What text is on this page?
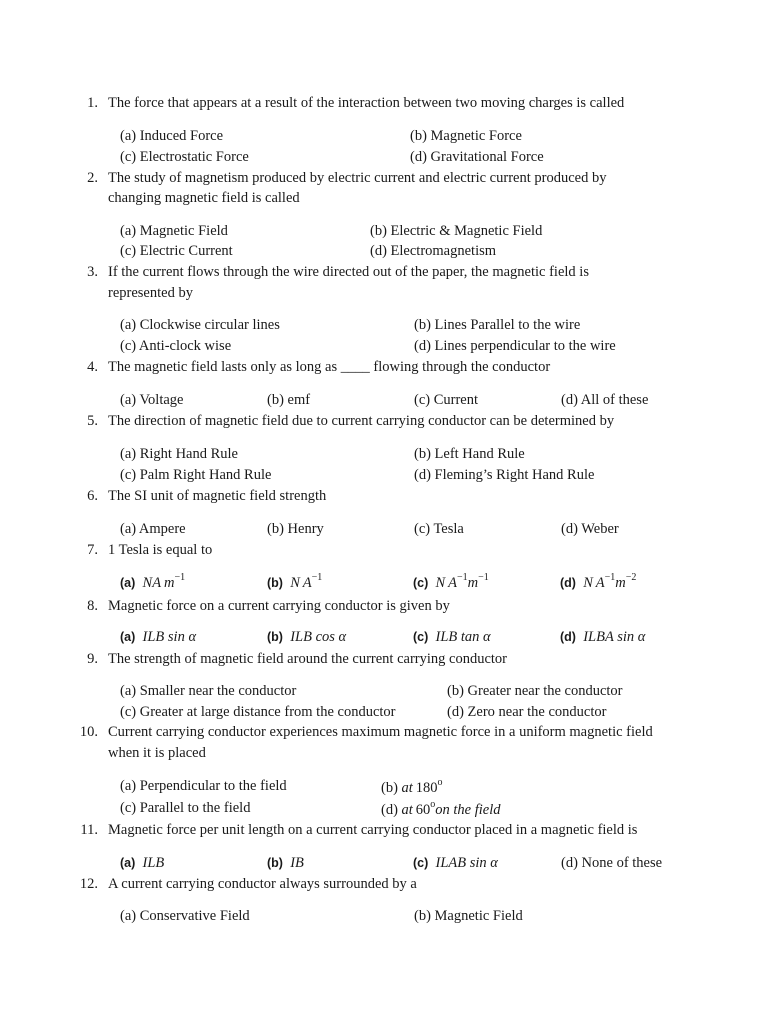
1. The force that appears at a result of the interaction between two moving charges is called
(a) Induced Force	(b) Magnetic Force
(c) Electrostatic Force	(d) Gravitational Force
2. The study of magnetism produced by electric current and electric current produced by
changing magnetic field is called
(a) Magnetic Field	(b) Electric & Magnetic Field
(c) Electric Current	(d) Electromagnetism
3. If the current flows through the wire directed out of the paper, the magnetic field is
represented by
(a) Clockwise circular lines	(b) Lines Parallel to the wire
(c) Anti-clock wise	(d) Lines perpendicular to the wire
4. The magnetic field lasts only as long as ____ flowing through the conductor
(a) Voltage	(b) emf	(c) Current	(d) All of these
5. The direction of magnetic field due to current carrying conductor can be determined by
(a) Right Hand Rule	(b) Left Hand Rule
(c) Palm Right Hand Rule	(d) Fleming’s Right Hand Rule
6. The SI unit of magnetic field strength
(a) Ampere	(b) Henry	(c) Tesla	(d) Weber
7. 1 Tesla is equal to
(a) NA  $m^{-1}$	(b) N  $A^{-1}$	(c) N  $A^{-1}m^{-1}$	(d) N  $A^{-1}m^{-2}$
8. Magnetic force on a current carrying conductor is given by
(a) ILB sin α	(b) ILB cos α	(c) ILB tan α	(d) ILBA sin α
9. The strength of magnetic field around the current carrying conductor
(a) Smaller near the conductor	(b) Greater near the conductor
(c) Greater at large distance from the conductor	(d) Zero near the conductor
10. Current carrying conductor experiences maximum magnetic force in a uniform magnetic field
when it is placed
(a) Perpendicular to the field	(b) at 180$^o$
(c) Parallel to the field	(d) at 60$^o$on the field
11. Magnetic force per unit length on a current carrying conductor placed in a magnetic field is
(a) ILB	(b) IB	(c) ILAB sin α	(d) None of these
12. A current carrying conductor always surrounded by a
(a) Conservative Field	(b) Magnetic Field
